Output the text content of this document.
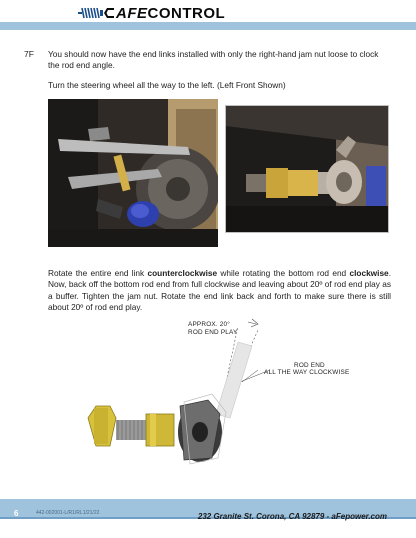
AFECONTROL
7F You should now have the end links installed with only the right-hand jam nut loose to clock the rod end angle.
Turn the steering wheel all the way to the left. (Left Front Shown)
Rotate the entire end link counterclockwise while rotating the bottom rod end clockwise. Now, back off the bottom rod end from full clockwise and leaving about 20º of rod end play as a buffer. Tighten the jam nut. Rotate the end link back and forth to make sure there is still about 20º of rod end play.
APPROX. 20°
ROD END PLAY
ROD END
ALL THE WAY CLOCKWISE
6	442-002001-L/R1/RL1/21/22	232 Granite St. Corona, CA 92879 - aFepower.com
